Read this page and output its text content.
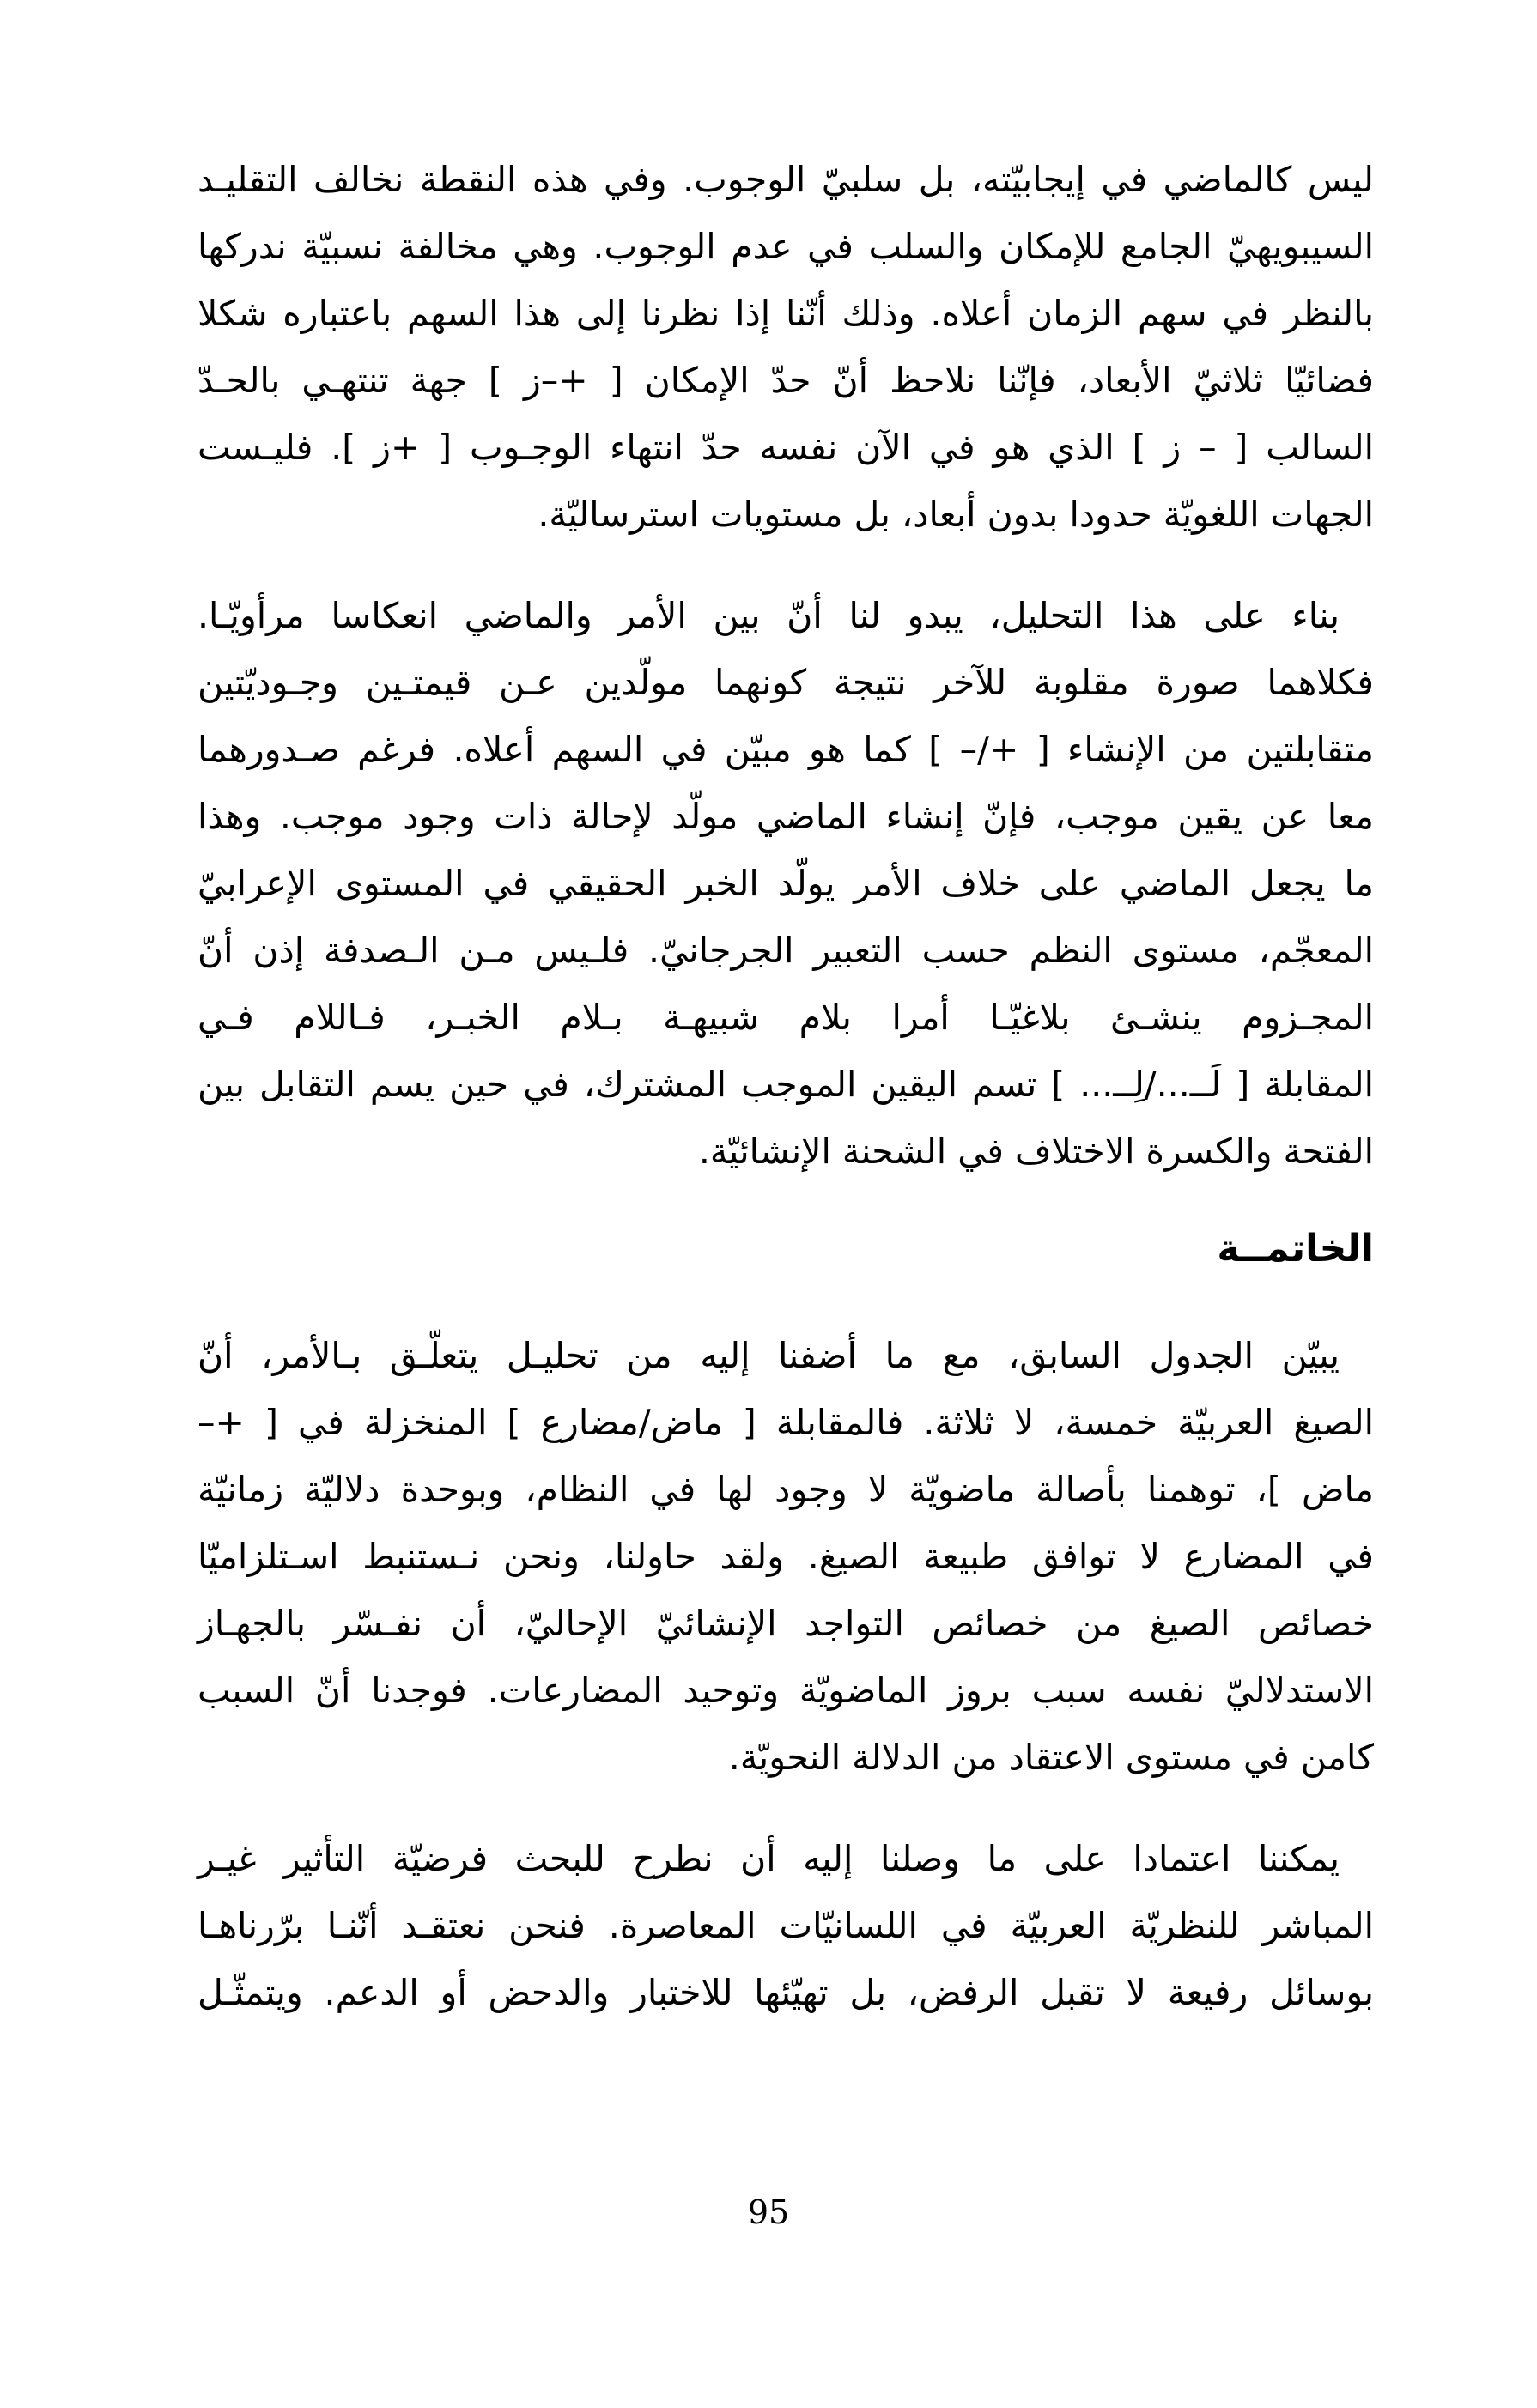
ليس كالماضي في إيجابيّته، بل سلبيّ الوجوب. وفي هذه النقطة نخالف التقليـد

السيبويهيّ الجامع للإمكان والسلب في عدم الوجوب. وهي مخالفة نسبيّة ندركها

بالنظر في سهم الزمان أعلاه. وذلك أنّنا إذا نظرنا إلى هذا السهم باعتباره شكلا

فضائيّا ثلاثيّ الأبعاد، فإنّنا نلاحظ أنّ حدّ الإمكان [ +–ز ] جهة تنتهـي بالحـدّ

السالب [ – ز ] الذي هو في الآن نفسه حدّ انتهاء الوجـوب [ +ز ]. فليـست

الجهات اللغويّة حدودا بدون أبعاد، بل مستويات استرساليّة.

بناء على هذا التحليل، يبدو لنا أنّ بين الأمر والماضي انعكاسا مرأويّـا.

فكلاهما صورة مقلوبة للآخر نتيجة كونهما مولّدين عـن قيمتـين وجـوديّتين

متقابلتين من الإنشاء [ +/– ] كما هو مبيّن في السهم أعلاه. فرغم صـدورهما

معا عن يقين موجب، فإنّ إنشاء الماضي مولّد لإحالة ذات وجود موجب. وهذا

ما يجعل الماضي على خلاف الأمر يولّد الخبر الحقيقي في المستوى الإعرابيّ

المعجّم، مستوى النظم حسب التعبير الجرجانيّ. فلـيس مـن الـصدفة إذن أنّ

المجـزوم ينشـئ بلاغيّـا أمرا بلام شبيهـة بـلام الخبـر، فـاللام فـي

المقابلة [ لَــ.../لِــ... ] تسم اليقين الموجب المشترك، في حين يسم التقابل بين

الفتحة والكسرة الاختلاف في الشحنة الإنشائيّة.

الخاتمــة

يبيّن الجدول السابق، مع ما أضفنا إليه من تحليـل يتعلّـق بـالأمر، أنّ

الصيغ العربيّة خمسة، لا ثلاثة. فالمقابلة [ ماض/مضارع ] المنخزلة في [ +–

ماض ]، توهمنا بأصالة ماضويّة لا وجود لها في النظام، وبوحدة دلاليّة زمانيّة

في المضارع لا توافق طبيعة الصيغ. ولقد حاولنا، ونحن نـستنبط اسـتلزاميّا

خصائص الصيغ من خصائص التواجد الإنشائيّ الإحاليّ، أن نفـسّر بالجهـاز

الاستدلاليّ نفسه سبب بروز الماضويّة وتوحيد المضارعات. فوجدنا أنّ السبب

كامن في مستوى الاعتقاد من الدلالة النحويّة.

يمكننا اعتمادا على ما وصلنا إليه أن نطرح للبحث فرضيّة التأثير غيـر

المباشر للنظريّة العربيّة في اللسانيّات المعاصرة. فنحن نعتقـد أنّنـا برّرناهـا

بوسائل رفيعة لا تقبل الرفض، بل تهيّئها للاختبار والدحض أو الدعم. ويتمثّـل

95
